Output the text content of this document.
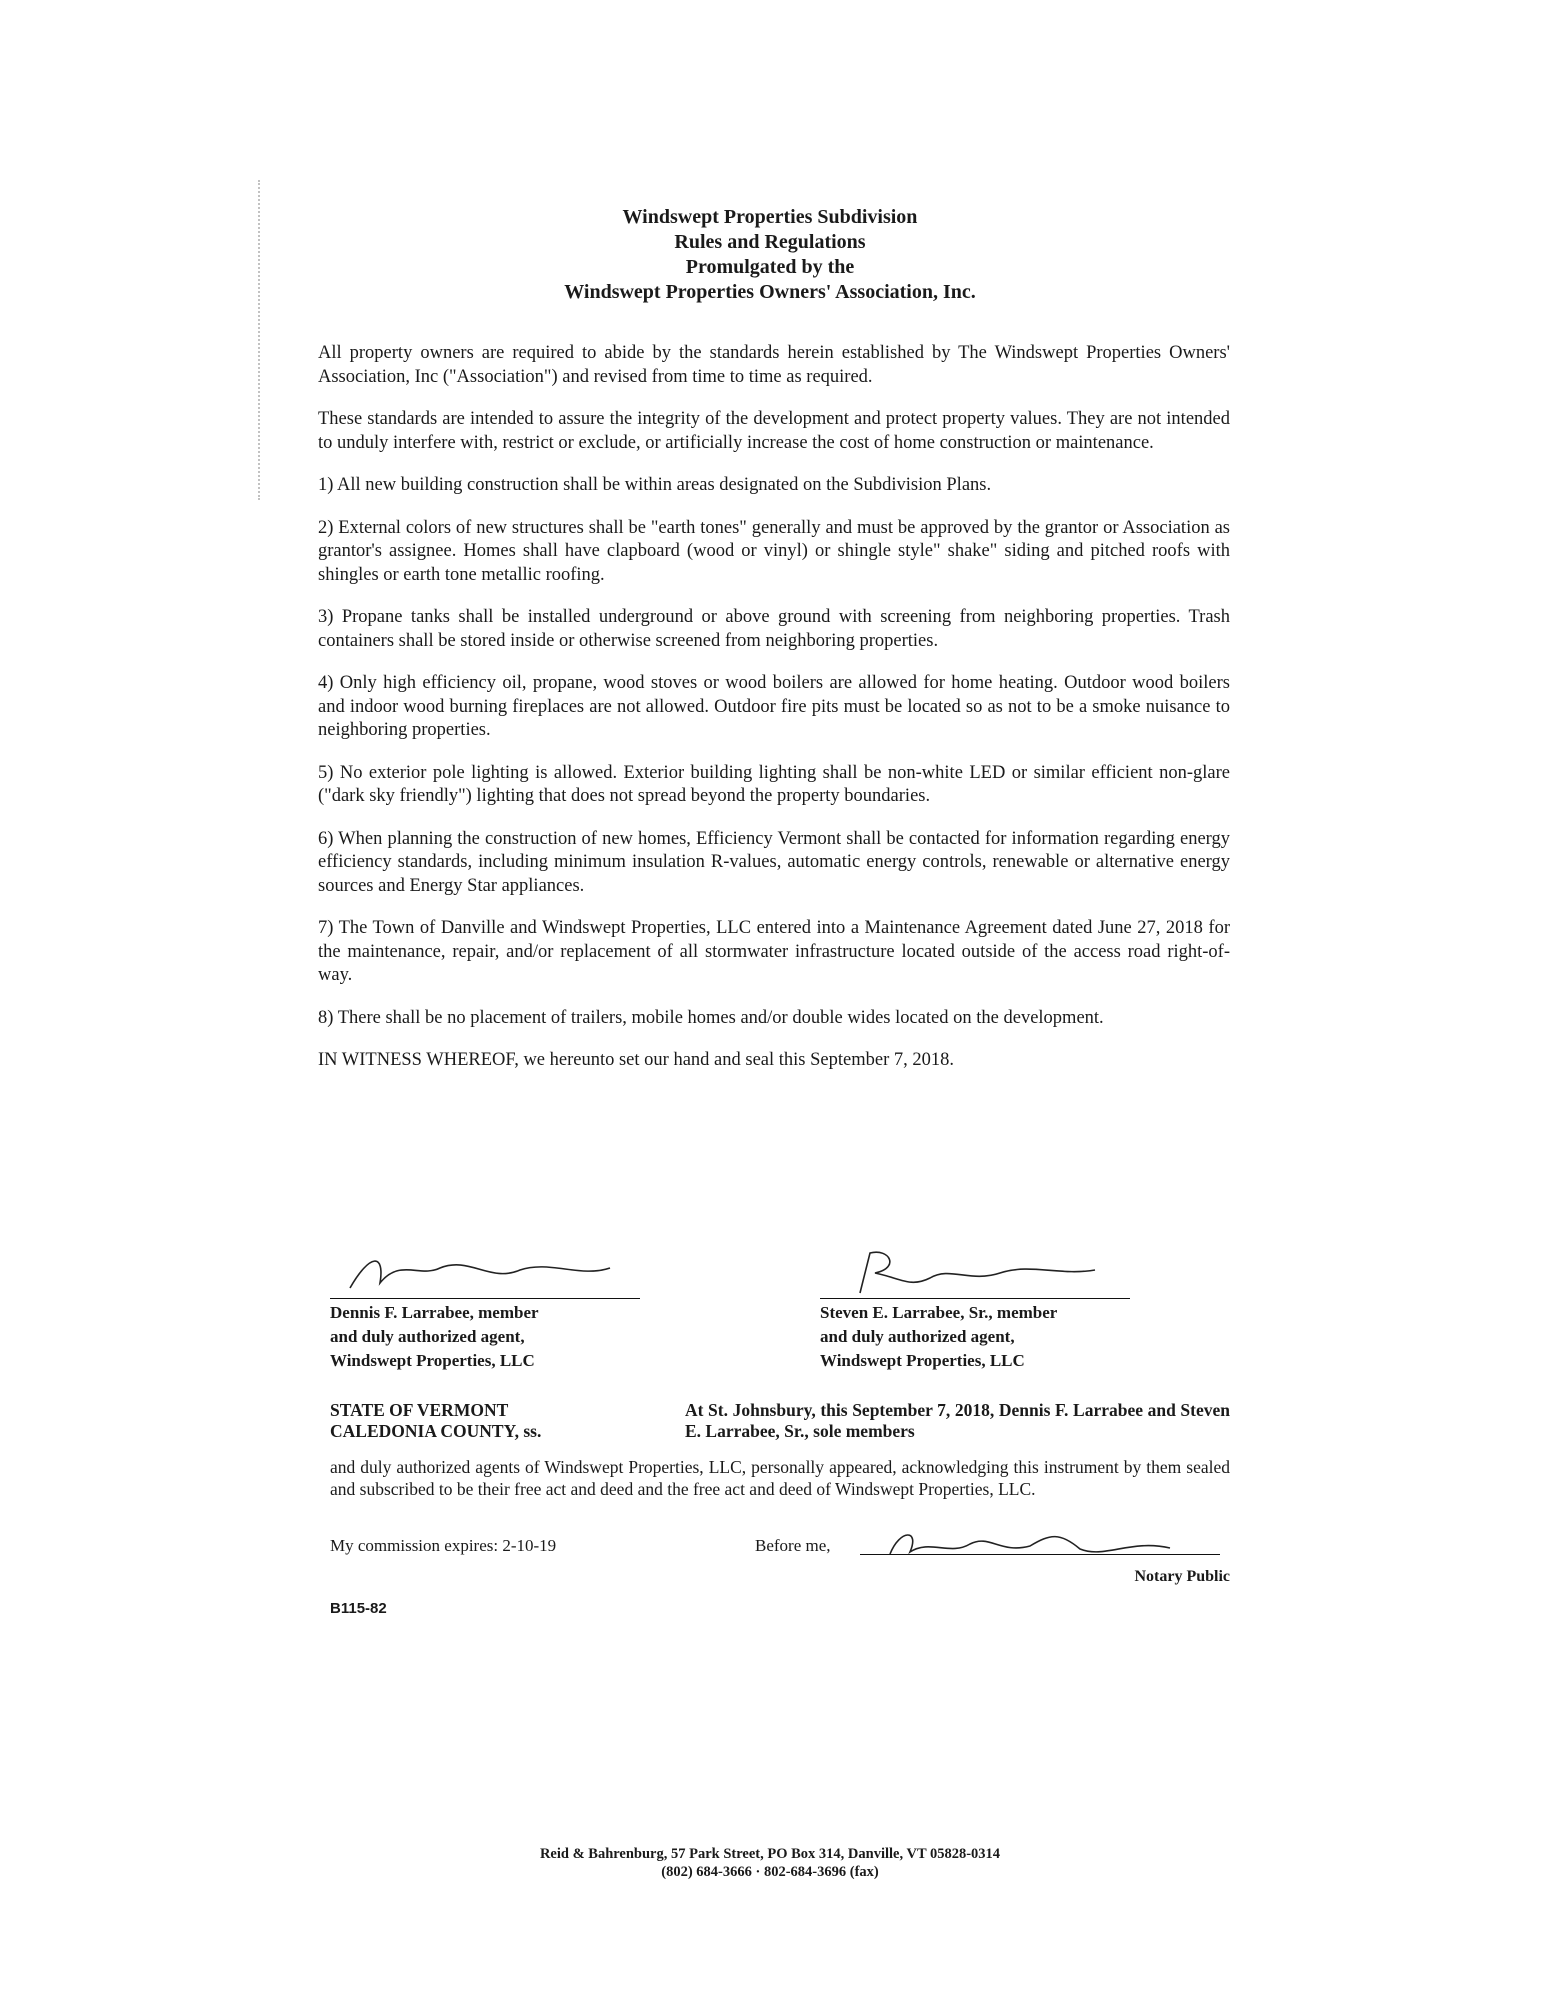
Windswept Properties Subdivision
Rules and Regulations
Promulgated by the
Windswept Properties Owners' Association, Inc.

All property owners are required to abide by the standards herein established by The Windswept Properties Owners' Association, Inc ("Association") and revised from time to time as required.

These standards are intended to assure the integrity of the development and protect property values. They are not intended to unduly interfere with, restrict or exclude, or artificially increase the cost of home construction or maintenance.

1) All new building construction shall be within areas designated on the Subdivision Plans.

2) External colors of new structures shall be "earth tones" generally and must be approved by the grantor or Association as grantor's assignee. Homes shall have clapboard (wood or vinyl) or shingle style" shake" siding and pitched roofs with shingles or earth tone metallic roofing.

3) Propane tanks shall be installed underground or above ground with screening from neighboring properties. Trash containers shall be stored inside or otherwise screened from neighboring properties.

4) Only high efficiency oil, propane, wood stoves or wood boilers are allowed for home heating. Outdoor wood boilers and indoor wood burning fireplaces are not allowed. Outdoor fire pits must be located so as not to be a smoke nuisance to neighboring properties.

5) No exterior pole lighting is allowed. Exterior building lighting shall be non-white LED or similar efficient non-glare ("dark sky friendly") lighting that does not spread beyond the property boundaries.

6) When planning the construction of new homes, Efficiency Vermont shall be contacted for information regarding energy efficiency standards, including minimum insulation R-values, automatic energy controls, renewable or alternative energy sources and Energy Star appliances.

7) The Town of Danville and Windswept Properties, LLC entered into a Maintenance Agreement dated June 27, 2018 for the maintenance, repair, and/or replacement of all stormwater infrastructure located outside of the access road right-of-way.

8) There shall be no placement of trailers, mobile homes and/or double wides located on the development.

IN WITNESS WHEREOF, we hereunto set our hand and seal this September 7, 2018.

Dennis F. Larrabee, member
and duly authorized agent,
Windswept Properties, LLC
Steven E. Larrabee, Sr., member
and duly authorized agent,
Windswept Properties, LLC
STATE OF VERMONT
CALEDONIA COUNTY, ss.
At St. Johnsbury, this September 7, 2018, Dennis F. Larrabee and Steven E. Larrabee, Sr., sole members
and duly authorized agents of Windswept Properties, LLC, personally appeared, acknowledging this instrument by them sealed and subscribed to be their free act and deed and the free act and deed of Windswept Properties, LLC.
My commission expires: 2-10-19	Before me,
Notary Public
B115-82
Reid & Bahrenburg, 57 Park Street, PO Box 314, Danville, VT 05828-0314
(802) 684-3666 · 802-684-3696 (fax)
